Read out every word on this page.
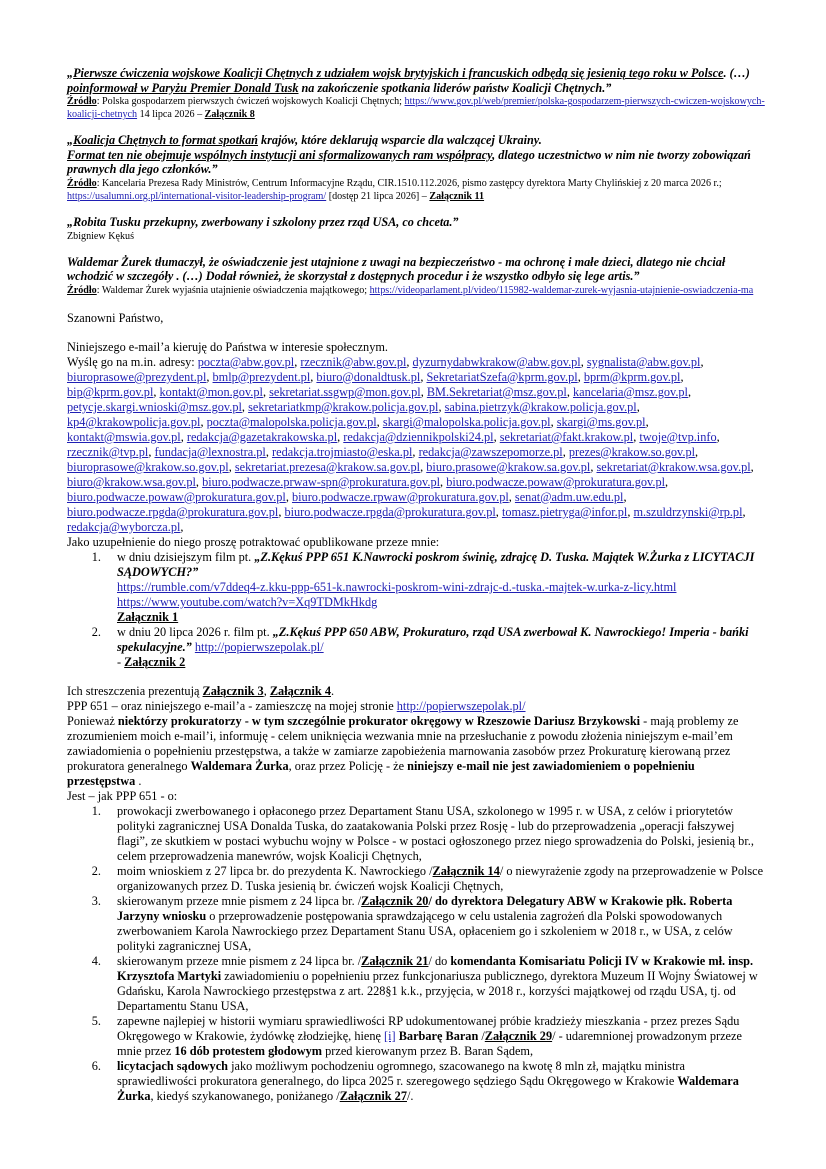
„Pierwsze ćwiczenia wojskowe Koalicji Chętnych z udziałem wojsk brytyjskich i francuskich odbędą się jesienią tego roku w Polsce. (…) poinformował w Paryżu Premier Donald Tusk na zakończenie spotkania liderów państw Koalicji Chętnych.”
Źródło: Polska gospodarzem pierwszych ćwiczeń wojskowych Koalicji Chętnych; https://www.gov.pl/web/premier/polska-gospodarzem-pierwszych-cwiczen-wojskowych-koalicji-chetnych 14 lipca 2026 – Załącznik 8
„Koalicja Chętnych to format spotkań krajów, które deklarują wsparcie dla walczącej Ukrainy.
Format ten nie obejmuje wspólnych instytucji ani sformalizowanych ram współpracy, dlatego uczestnictwo w nim nie tworzy zobowiązań prawnych dla jego członków.”
Źródło: Kancelaria Prezesa Rady Ministrów, Centrum Informacyjne Rządu, CIR.1510.112.2026, pismo zastępcy dyrektora Marty Chylińskiej z 20 marca 2026 r.; https://usalumni.org.pl/international-visitor-leadership-program/ [dostęp 21 lipca 2026] – Załącznik 11
„Robita Tusku przekupny, zwerbowany i szkolony przez rząd USA, co chceta.”
Zbigniew Kękuś
Waldemar Żurek tłumaczył, że oświadczenie jest utajnione z uwagi na bezpieczeństwo - ma ochronę i małe dzieci, dlatego nie chciał wchodzić w szczegóły . (…) Dodał również, że skorzystał z dostępnych procedur i że wszystko odbyło się lege artis.”
Źródło: Waldemar Żurek wyjaśnia utajnienie oświadczenia majątkowego; https://videoparlament.pl/video/115982-waldemar-zurek-wyjasnia-utajnienie-oswiadczenia-ma
Szanowni Państwo,
Niniejszego e-mail’a kieruję do Państwa w interesie społecznym.
Wyślę go na m.in. adresy: poczta@abw.gov.pl, rzecznik@abw.gov.pl, dyzurnydabwkrakow@abw.gov.pl, sygnalista@abw.gov.pl, biuroprasowe@prezydent.pl, bmlp@prezydent.pl, biuro@donaldtusk.pl, SekretariatSzefa@kprm.gov.pl, bprm@kprm.gov.pl, bip@kprm.gov.pl, kontakt@mon.gov.pl, sekretariat.ssgwp@mon.gov.pl, BM.Sekretariat@msz.gov.pl, kancelaria@msz.gov.pl, petycje.skargi.wnioski@msz.gov.pl, sekretariatkmp@krakow.policja.gov.pl, sabina.pietrzyk@krakow.policja.gov.pl, kp4@krakowpolicja.gov.pl, poczta@malopolska.policja.gov.pl, skargi@malopolska.policja.gov.pl, skargi@ms.gov.pl, kontakt@mswia.gov.pl, redakcja@gazetakrakowska.pl, redakcja@dziennikpolski24.pl, sekretariat@fakt.krakow.pl, twoje@tvp.info, rzecznik@tvp.pl, fundacja@lexnostra.pl, redakcja.trojmiasto@eska.pl, redakcja@zawszepomorze.pl, prezes@krakow.so.gov.pl, biuroprasowe@krakow.so.gov.pl, sekretariat.prezesa@krakow.sa.gov.pl, biuro.prasowe@krakow.sa.gov.pl, sekretariat@krakow.wsa.gov.pl, biuro@krakow.wsa.gov.pl, biuro.podwacze.prwaw-spn@prokuratura.gov.pl, biuro.podwacze.powaw@prokuratura.gov.pl, biuro.podwacze.powaw@prokuratura.gov.pl, biuro.podwacze.rpwaw@prokuratura.gov.pl, senat@adm.uw.edu.pl, biuro.podwacze.rpgda@prokuratura.gov.pl, biuro.podwacze.rpgda@prokuratura.gov.pl, tomasz.pietryga@infor.pl, m.szuldrzynski@rp.pl, redakcja@wyborcza.pl,
Jako uzupełnienie do niego proszę potraktować opublikowane przeze mnie:
1.	w dniu dzisiejszym film pt. „Z.Kękuś PPP 651 K.Nawrocki poskrom świnię, zdrajcę D. Tuska. Majątek W.Żurka z LICYTACJI SĄDOWYCH?”
https://rumble.com/v7ddeq4-z.kku-ppp-651-k.nawrocki-poskrom-wini-zdrajc-d.-tuska.-majtek-w.urka-z-licy.html
https://www.youtube.com/watch?v=Xq9TDMkHkdg
Załącznik 1
2.	w dniu 20 lipca 2026 r. film pt. „Z.Kękuś PPP 650 ABW, Prokuraturo, rząd USA zwerbował K. Nawrockiego! Imperia - bańki spekulacyjne.” http://popierwszepolak.pl/
- Załącznik 2
Ich streszczenia prezentują Załącznik 3, Załącznik 4.
PPP 651 – oraz niniejszego e-mail’a - zamieszczę na mojej stronie http://popierwszepolak.pl/
Ponieważ niektórzy prokuratorzy - w tym szczególnie prokurator okręgowy w Rzeszowie Dariusz Brzykowski - mają problemy ze zrozumieniem moich e-mail’i, informuję - celem uniknięcia wezwania mnie na przesłuchanie z powodu złożenia niniejszym e-mail’em zawiadomienia o popełnieniu przestępstwa, a także w zamiarze zapobieżenia marnowania zasobów przez Prokuraturę kierowaną przez prokuratora generalnego Waldemara Żurka, oraz przez Policję - że niniejszy e-mail nie jest zawiadomieniem o popełnieniu przestępstwa .
Jest – jak PPP 651 - o:
1.	prowokacji zwerbowanego i opłaconego przez Departament Stanu USA, szkolonego w 1995 r. w USA, z celów i priorytetów polityki zagranicznej USA Donalda Tuska, do zaatakowania Polski przez Rosję - lub do przeprowadzenia „operacji fałszywej flagi”, ze skutkiem w postaci wybuchu wojny w Polsce - w postaci ogłoszonego przez niego sprowadzenia do Polski, jesienią br., celem przeprowadzenia manewrów, wojsk Koalicji Chętnych,
2.	moim wnioskiem z 27 lipca br. do prezydenta K. Nawrockiego /Załącznik 14/ o niewyrażenie zgody na przeprowadzenie w Polsce organizowanych przez D. Tuska jesienią br. ćwiczeń wojsk Koalicji Chętnych,
3.	skierowanym przeze mnie pismem z 24 lipca br. /Załącznik 20/ do dyrektora Delegatury ABW w Krakowie płk. Roberta Jarzyny wniosku o przeprowadzenie postępowania sprawdzającego w celu ustalenia zagrożeń dla Polski spowodowanych zwerbowaniem Karola Nawrockiego przez Departament Stanu USA, opłaceniem go i szkoleniem w 2018 r., w USA, z celów polityki zagranicznej USA,
4.	skierowanym przeze mnie pismem z 24 lipca br. /Załącznik 21/ do komendanta Komisariatu Policji IV w Krakowie mł. insp. Krzysztofa Martyki zawiadomieniu o popełnieniu przez funkcjonariusza publicznego, dyrektora Muzeum II Wojny Światowej w Gdańsku, Karola Nawrockiego przestępstwa z art. 228§1 k.k., przyjęcia, w 2018 r., korzyści majątkowej od rządu USA, tj. od Departamentu Stanu USA,
5.	zapewne najlepiej w historii wymiaru sprawiedliwości RP udokumentowanej próbie kradzieży mieszkania - przez prezes Sądu Okręgowego w Krakowie, żydówkę złodziejkę, hienę [i] Barbarę Baran /Załącznik 29/ - udaremnionej prowadzonym przeze mnie przez 16 dób protestem głodowym przed kierowanym przez B. Baran Sądem,
6.	licytacjach sądowych jako możliwym pochodzeniu ogromnego, szacowanego na kwotę 8 mln zł, majątku ministra sprawiedliwości prokuratora generalnego, do lipca 2025 r. szeregowego sędziego Sądu Okręgowego w Krakowie Waldemara Żurka, kiedyś szykanowanego, poniżanego /Załącznik 27/.
